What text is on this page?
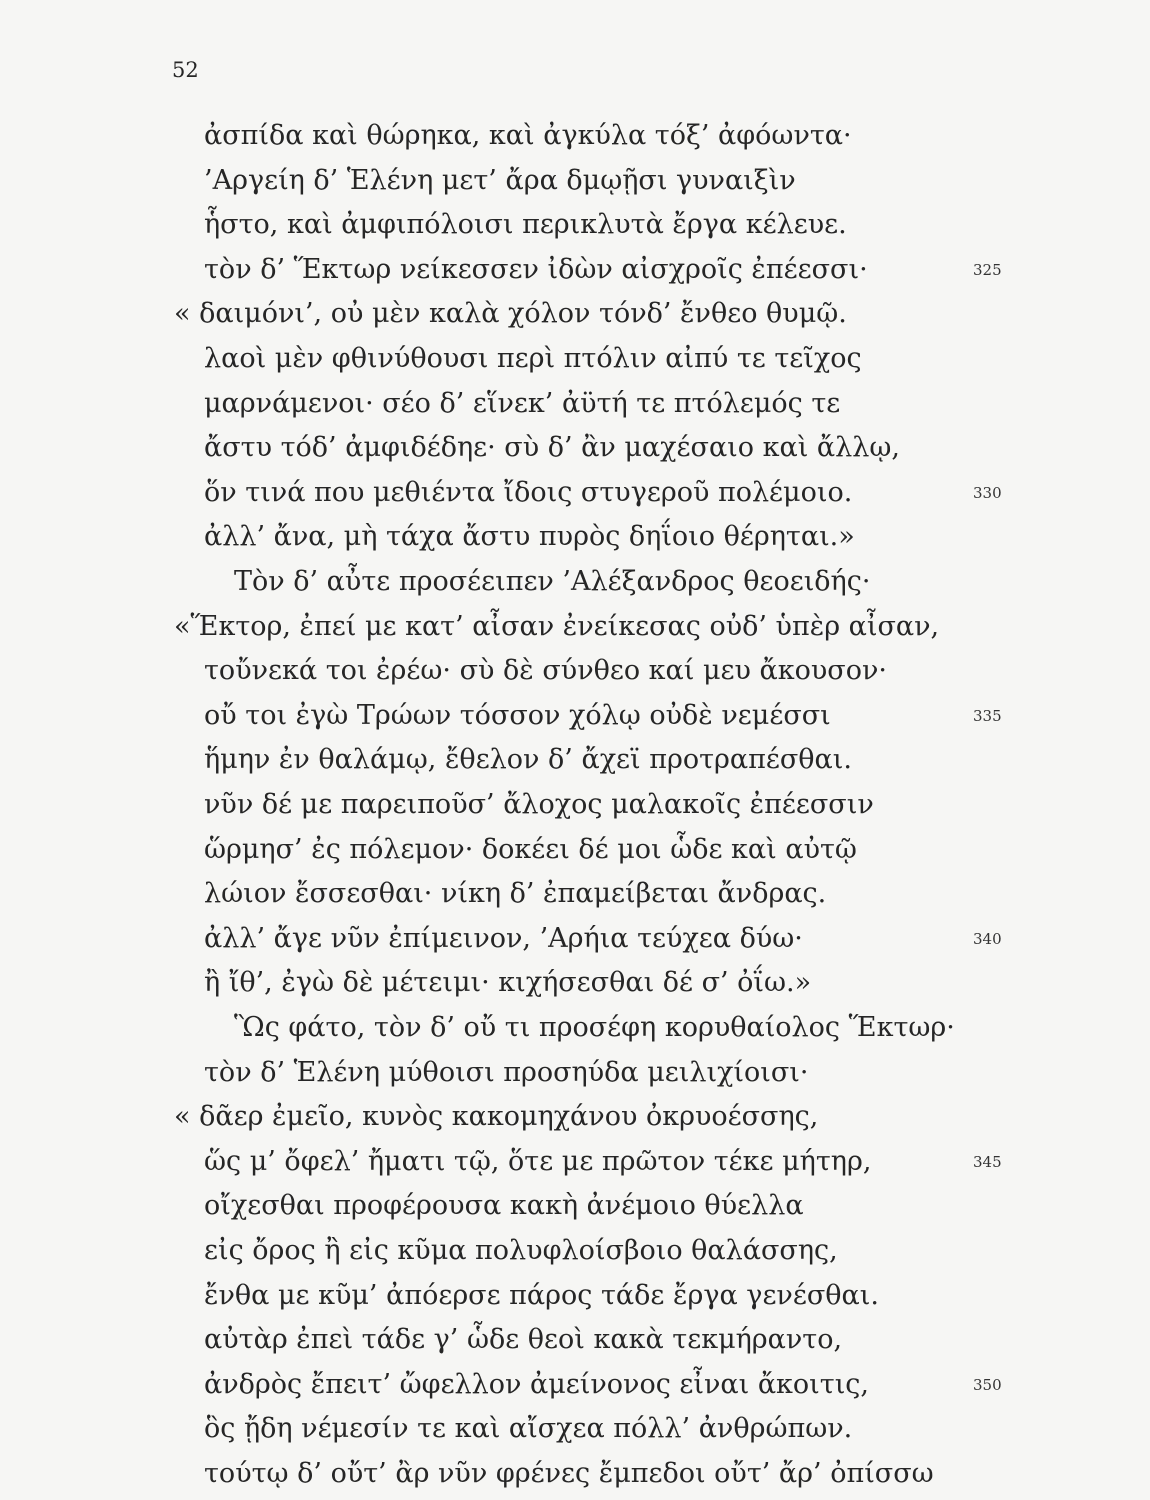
52
ἀσπίδα καὶ θώρηκα, καὶ ἀγκύλα τόξ’ ἀφόωντα·
’Αργείη δ’ Ἑλένη μετ’ ἄρα δμῳῇσι γυναιξὶν
ἧστο, καὶ ἀμφιπόλοισι περικλυτὰ ἔργα κέλευε.
τὸν δ’ Ἕκτωρ νείκεσσεν ἰδὼν αἰσχροῖς ἐπέεσσι·	325
« δαιμόνι’, οὐ μὲν καλὰ χόλον τόνδ’ ἔνθεο θυμῷ.
λαοὶ μὲν φθινύθουσι περὶ πτόλιν αἰπύ τε τεῖχος
μαρνάμενοι· σέο δ’ εἵνεκ’ ἀϋτή τε πτόλεμός τε
ἄστυ τόδ’ ἀμφιδέδηε· σὺ δ’ ἂν μαχέσαιο καὶ ἄλλῳ,
ὅν τινά που μεθιέντα ἴδοις στυγεροῦ πολέμοιο.	330
ἀλλ’ ἄνα, μὴ τάχα ἄστυ πυρὸς δηΐοιο θέρηται.»
Τὸν δ’ αὖτε προσέειπεν ’Αλέξανδρος θεοειδής·
«Ἕκτορ, ἐπεί με κατ’ αἶσαν ἐνείκεσας οὐδ’ ὑπὲρ αἶσαν,
τοὔνεκά τοι ἐρέω· σὺ δὲ σύνθεο καί μευ ἄκουσον·
οὔ τοι ἐγὼ Τρώων τόσσον χόλῳ οὐδὲ νεμέσσι	335
ἥμην ἐν θαλάμῳ, ἔθελον δ’ ἄχεϊ προτραπέσθαι.
νῦν δέ με παρειποῦσ’ ἄλοχος μαλακοῖς ἐπέεσσιν
ὥρμησ’ ἐς πόλεμον· δοκέει δέ μοι ὧδε καὶ αὐτῷ
λώιον ἔσσεσθαι· νίκη δ’ ἐπαμείβεται ἄνδρας.
ἀλλ’ ἄγε νῦν ἐπίμεινον, ’Αρήια τεύχεα δύω·	340
ἢ ἴθ’, ἐγὼ δὲ μέτειμι· κιχήσεσθαι δέ σ’ ὀΐω.»
Ὣς φάτο, τὸν δ’ οὔ τι προσέφη κορυθαίολος Ἕκτωρ·
τὸν δ’ Ἑλένη μύθοισι προσηύδα μειλιχίοισι·
« δᾶερ ἐμεῖο, κυνὸς κακομηχάνου ὀκρυοέσσης,
ὥς μ’ ὄφελ’ ἤματι τῷ, ὅτε με πρῶτον τέκε μήτηρ,	345
οἴχεσθαι προφέρουσα κακὴ ἀνέμοιο θύελλα
εἰς ὄρος ἢ εἰς κῦμα πολυφλοίσβοιο θαλάσσης,
ἔνθα με κῦμ’ ἀπόερσε πάρος τάδε ἔργα γενέσθαι.
αὐτὰρ ἐπεὶ τάδε γ’ ὧδε θεοὶ κακὰ τεκμήραντο,
ἀνδρὸς ἔπειτ’ ὤφελλον ἀμείνονος εἶναι ἄκοιτις,	350
ὃς ᾔδη νέμεσίν τε καὶ αἴσχεα πόλλ’ ἀνθρώπων.
τούτῳ δ’ οὔτ’ ἂρ νῦν φρένες ἔμπεδοι οὔτ’ ἄρ’ ὀπίσσω
